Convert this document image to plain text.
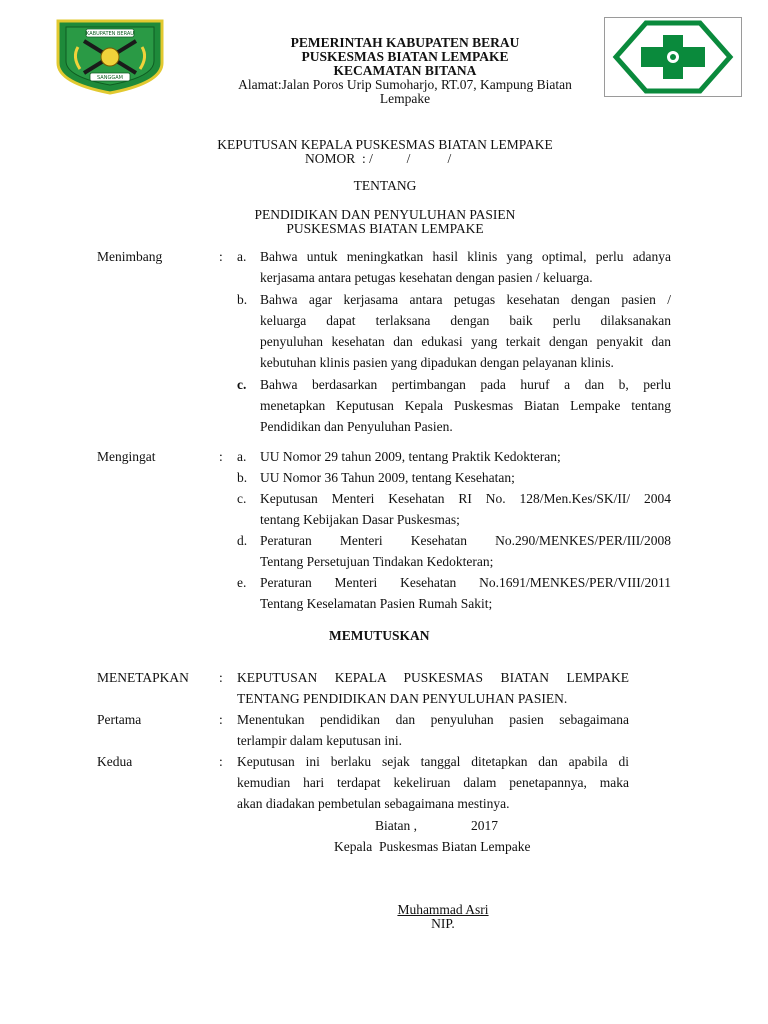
KABUPATEN BERAU
SANGGAM
PEMERINTAH KABUPATEN BERAU
PUSKESMAS BIATAN LEMPAKE
KECAMATAN BITANA
Alamat:Jalan Poros Urip Sumoharjo, RT.07, Kampung Biatan
Lempake
KEPUTUSAN KEPALA PUSKESMAS BIATAN LEMPAKE
NOMOR  : /          /           /
TENTANG
PENDIDIKAN DAN PENYULUHAN PASIEN
PUSKESMAS BIATAN LEMPAKE
Menimbang	: a. Bahwa untuk meningkatkan hasil klinis yang optimal, perlu adanya
kerjasama antara petugas kesehatan dengan pasien / keluarga.
b. Bahwa agar kerjasama antara petugas kesehatan dengan pasien /
keluarga dapat terlaksana dengan baik perlu dilaksanakan
penyuluhan kesehatan dan edukasi yang terkait dengan penyakit dan
kebutuhan klinis pasien yang dipadukan dengan pelayanan klinis.
c. Bahwa berdasarkan pertimbangan pada huruf a dan b, perlu
menetapkan Keputusan Kepala Puskesmas Biatan Lempake tentang
Pendidikan dan Penyuluhan Pasien.
Mengingat	: a. UU Nomor 29 tahun 2009, tentang Praktik Kedokteran;
b. UU Nomor 36 Tahun 2009, tentang Kesehatan;
c. Keputusan Menteri Kesehatan RI No. 128/Men.Kes/SK/II/ 2004
tentang Kebijakan Dasar Puskesmas;
d. Peraturan Menteri Kesehatan No.290/MENKES/PER/III/2008
Tentang Persetujuan Tindakan Kedokteran;
e. Peraturan Menteri Kesehatan No.1691/MENKES/PER/VIII/2011
Tentang Keselamatan Pasien Rumah Sakit;
MEMUTUSKAN
MENETAPKAN : KEPUTUSAN KEPALA PUSKESMAS BIATAN LEMPAKE
TENTANG PENDIDIKAN DAN PENYULUHAN PASIEN.
Pertama	: Menentukan pendidikan dan penyuluhan pasien sebagaimana
terlampir dalam keputusan ini.
Kedua	: Keputusan ini berlaku sejak tanggal ditetapkan dan apabila di
kemudian hari terdapat kekeliruan dalam penetapannya, maka
akan diadakan pembetulan sebagaimana mestinya.
Biatan ,                2017
Kepala  Puskesmas Biatan Lempake
Muhammad Asri
NIP.
